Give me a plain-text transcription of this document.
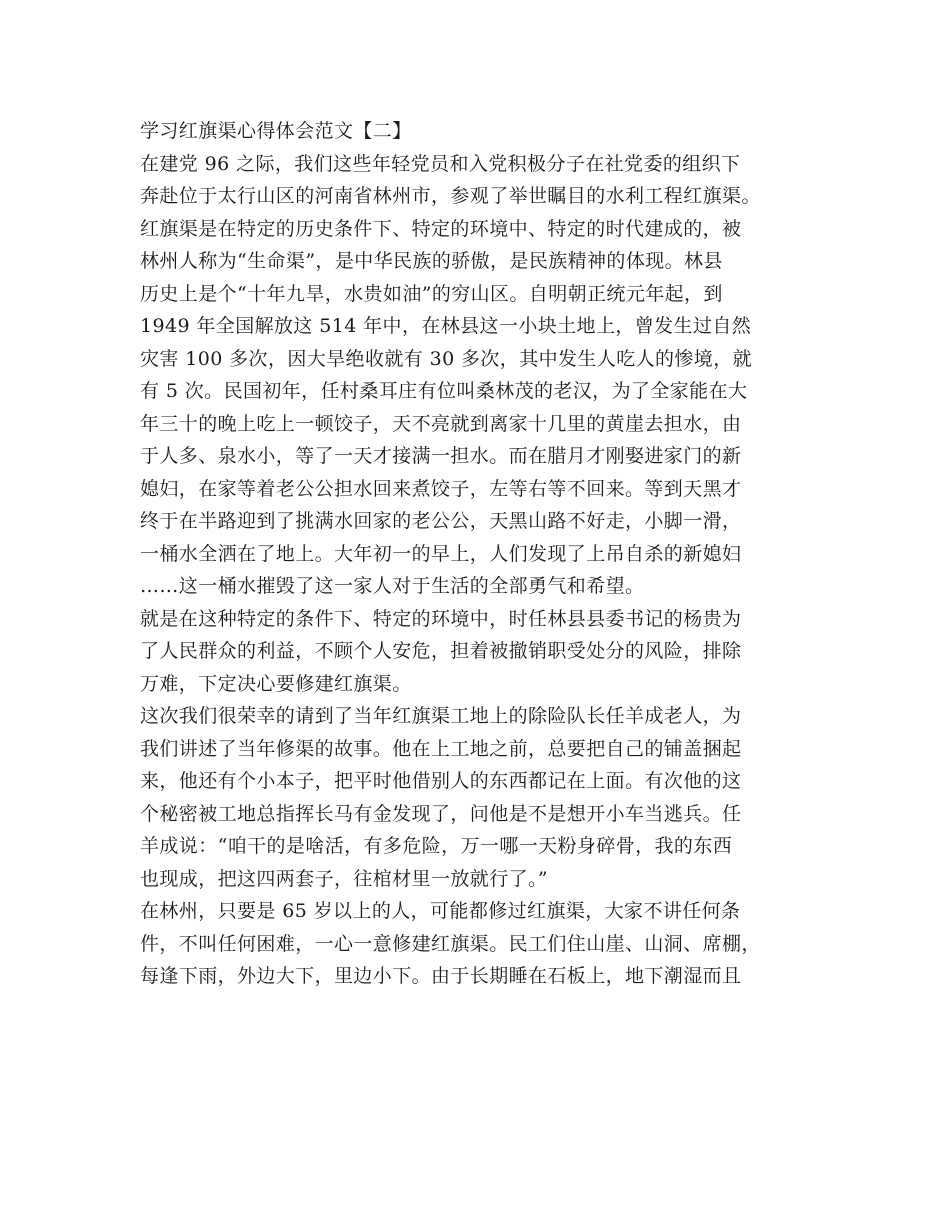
学习红旗渠心得体会范文【二】
在建党 96 之际，我们这些年轻党员和入党积极分子在社党委的组织下
奔赴位于太行山区的河南省林州市，参观了举世瞩目的水利工程红旗渠。
红旗渠是在特定的历史条件下、特定的环境中、特定的时代建成的，被
林州人称为“生命渠”，是中华民族的骄傲，是民族精神的体现。林县
历史上是个“十年九旱，水贵如油”的穷山区。自明朝正统元年起，到
1949 年全国解放这 514 年中，在林县这一小块土地上，曾发生过自然
灾害 100 多次，因大旱绝收就有 30 多次，其中发生人吃人的惨境，就
有 5 次。民国初年，任村桑耳庄有位叫桑林茂的老汉，为了全家能在大
年三十的晚上吃上一顿饺子，天不亮就到离家十几里的黄崖去担水，由
于人多、泉水小，等了一天才接满一担水。而在腊月才刚娶进家门的新
媳妇，在家等着老公公担水回来煮饺子，左等右等不回来。等到天黑才
终于在半路迎到了挑满水回家的老公公，天黑山路不好走，小脚一滑，
一桶水全洒在了地上。大年初一的早上，人们发现了上吊自杀的新媳妇
……这一桶水摧毁了这一家人对于生活的全部勇气和希望。
就是在这种特定的条件下、特定的环境中，时任林县县委书记的杨贵为
了人民群众的利益，不顾个人安危，担着被撤销职受处分的风险，排除
万难，下定决心要修建红旗渠。
这次我们很荣幸的请到了当年红旗渠工地上的除险队长任羊成老人，为
我们讲述了当年修渠的故事。他在上工地之前，总要把自己的铺盖捆起
来，他还有个小本子，把平时他借别人的东西都记在上面。有次他的这
个秘密被工地总指挥长马有金发现了，问他是不是想开小车当逃兵。任
羊成说：“咱干的是啥活，有多危险，万一哪一天粉身碎骨，我的东西
也现成，把这四两套子，往棺材里一放就行了。”
在林州，只要是 65 岁以上的人，可能都修过红旗渠，大家不讲任何条
件，不叫任何困难，一心一意修建红旗渠。民工们住山崖、山洞、席棚，
每逢下雨，外边大下，里边小下。由于长期睡在石板上，地下潮湿而且
